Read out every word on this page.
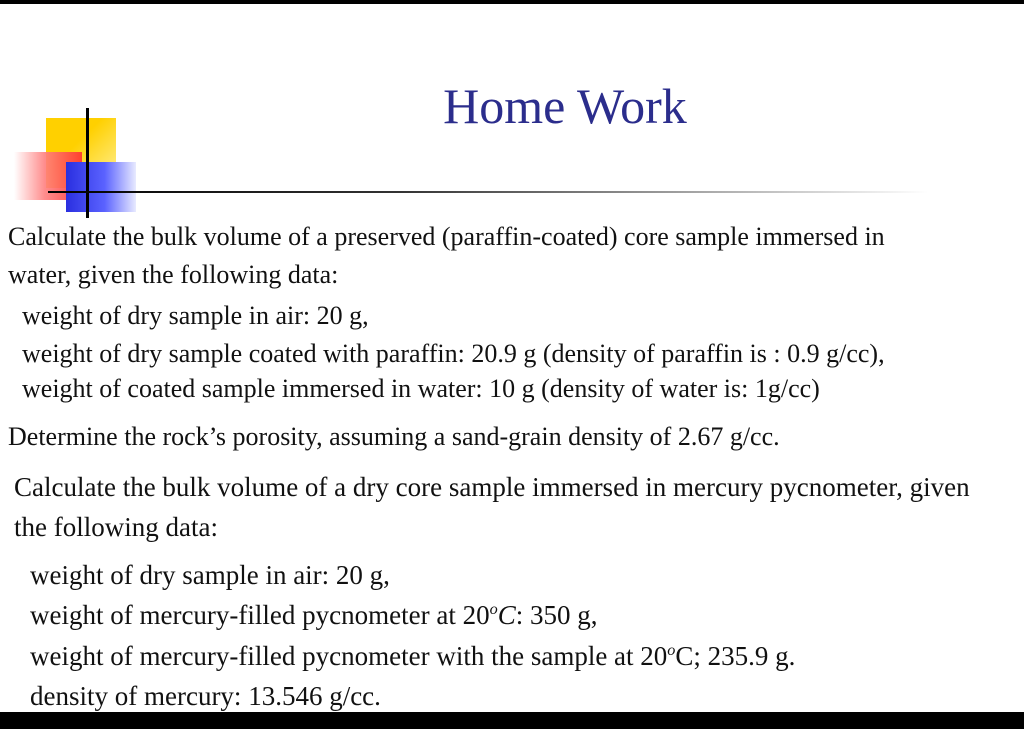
Home Work
Calculate the bulk volume of a preserved (paraffin-coated) core sample immersed in
water, given the following data:
weight of dry sample in air: 20 g,
weight of dry sample coated with paraffin: 20.9 g (density of paraffin is : 0.9 g/cc),
weight of coated sample immersed in water: 10 g (density of water is: 1g/cc)
Determine the rock’s porosity, assuming a sand-grain density of 2.67 g/cc.
Calculate the bulk volume of a dry core sample immersed in mercury pycnometer, given
the following data:
weight of dry sample in air: 20 g,
weight of mercury-filled pycnometer at 20$^o$C: 350 g,
weight of mercury-filled pycnometer with the sample at 20$^o$C; 235.9 g.
density of mercury: 13.546 g/cc.
